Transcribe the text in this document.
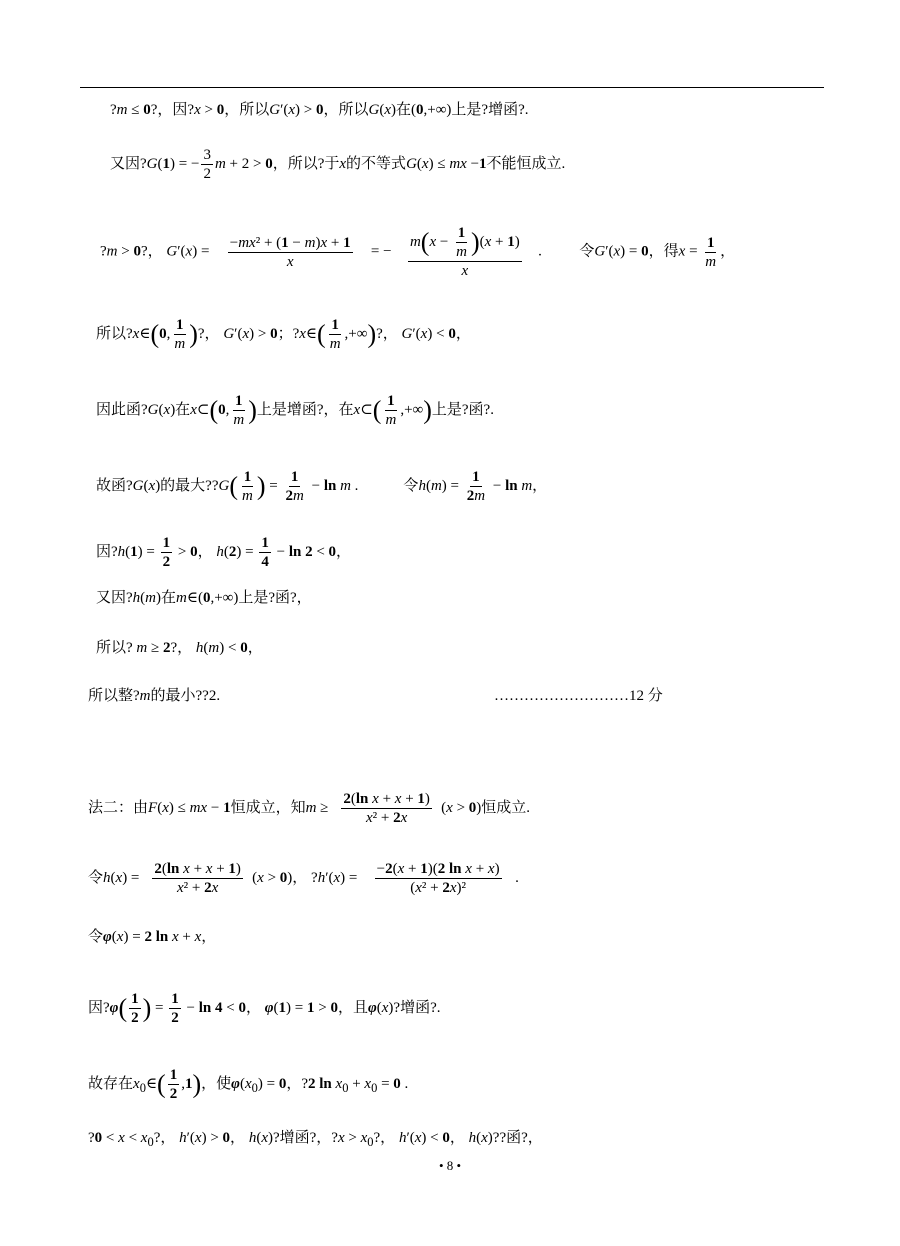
?m ≤ 0?，因?x > 0，所以G′(x) > 0，所以G(x)在(0,+∞)上是?增函?.
又因?G(1) = − $\frac{3}{2}$ m + 2 > 0，所以?于x的不等式G(x) ≤ mx −1不能恒成立.
?m > 0?， $G'(x) = \frac{\text{−mx² + (1 − m)x + 1}}{x}$ = − $\frac{m(x - \frac{1}{m} )(x + 1)}{x}$ .          令G′(x) = 0，得$x = \frac{1}{m}$ ，
所以?x∈(0, $\frac{1}{m}$ )?， G′(x) > 0；?x∈( $\frac{1}{m}$ ,+∞)?， G′(x) < 0，
因此函?G(x)在x⊂(0, $\frac{1}{m}$ )上是增函?，在x⊂( $\frac{1}{m}$ ,+∞)上是?函?.
故函?G(x)的最大??G( $\frac{1}{m}$ ) = $\frac{1}{2m} - \ln m$ .            令$h(m) = \frac{1}{2m} - \ln m$，
因?h(1) = $\frac{1}{2} > 0$， $h(2) = \frac{1}{4} - \ln 2 < 0$，
又因?h(m)在m∈(0,+∞)上是?函?，
所以? m ≥ 2?， h(m) < 0，
所以整?m的最小??2.	………………………12 分
法二：由F(x) ≤ mx − 1恒成立，知$m \ge \frac{\text{2(ln x + x + 1)}}{\text{x² + 2x}} (x > 0)$恒成立.
令$h(x) = \frac{\text{2(ln x + x + 1)}}{\text{x² + 2x}} (x > 0)$， ?h′(x) = $\frac{\text{−2(x + 1)(2 ln x + x)}}{\text{(x² + 2x)²}}$ .
令φ(x) = 2 ln x + x，
因?φ( $\frac{1}{2}$ ) = $\frac{1}{2} - \ln 4 < 0$， φ(1) = 1 > 0，且φ(x)?增函?.
故存在$x_0\in( \frac{1}{2} ,1)$，使$\varphi(x_0) = 0$，?2 $\ln x_0 + x_0 = 0$ .
?0 < $x < x_0$?， h′(x) > 0， h(x)?增函?，?x > $x_0$?， h′(x) < 0， h(x)??函?，
• 8 •
